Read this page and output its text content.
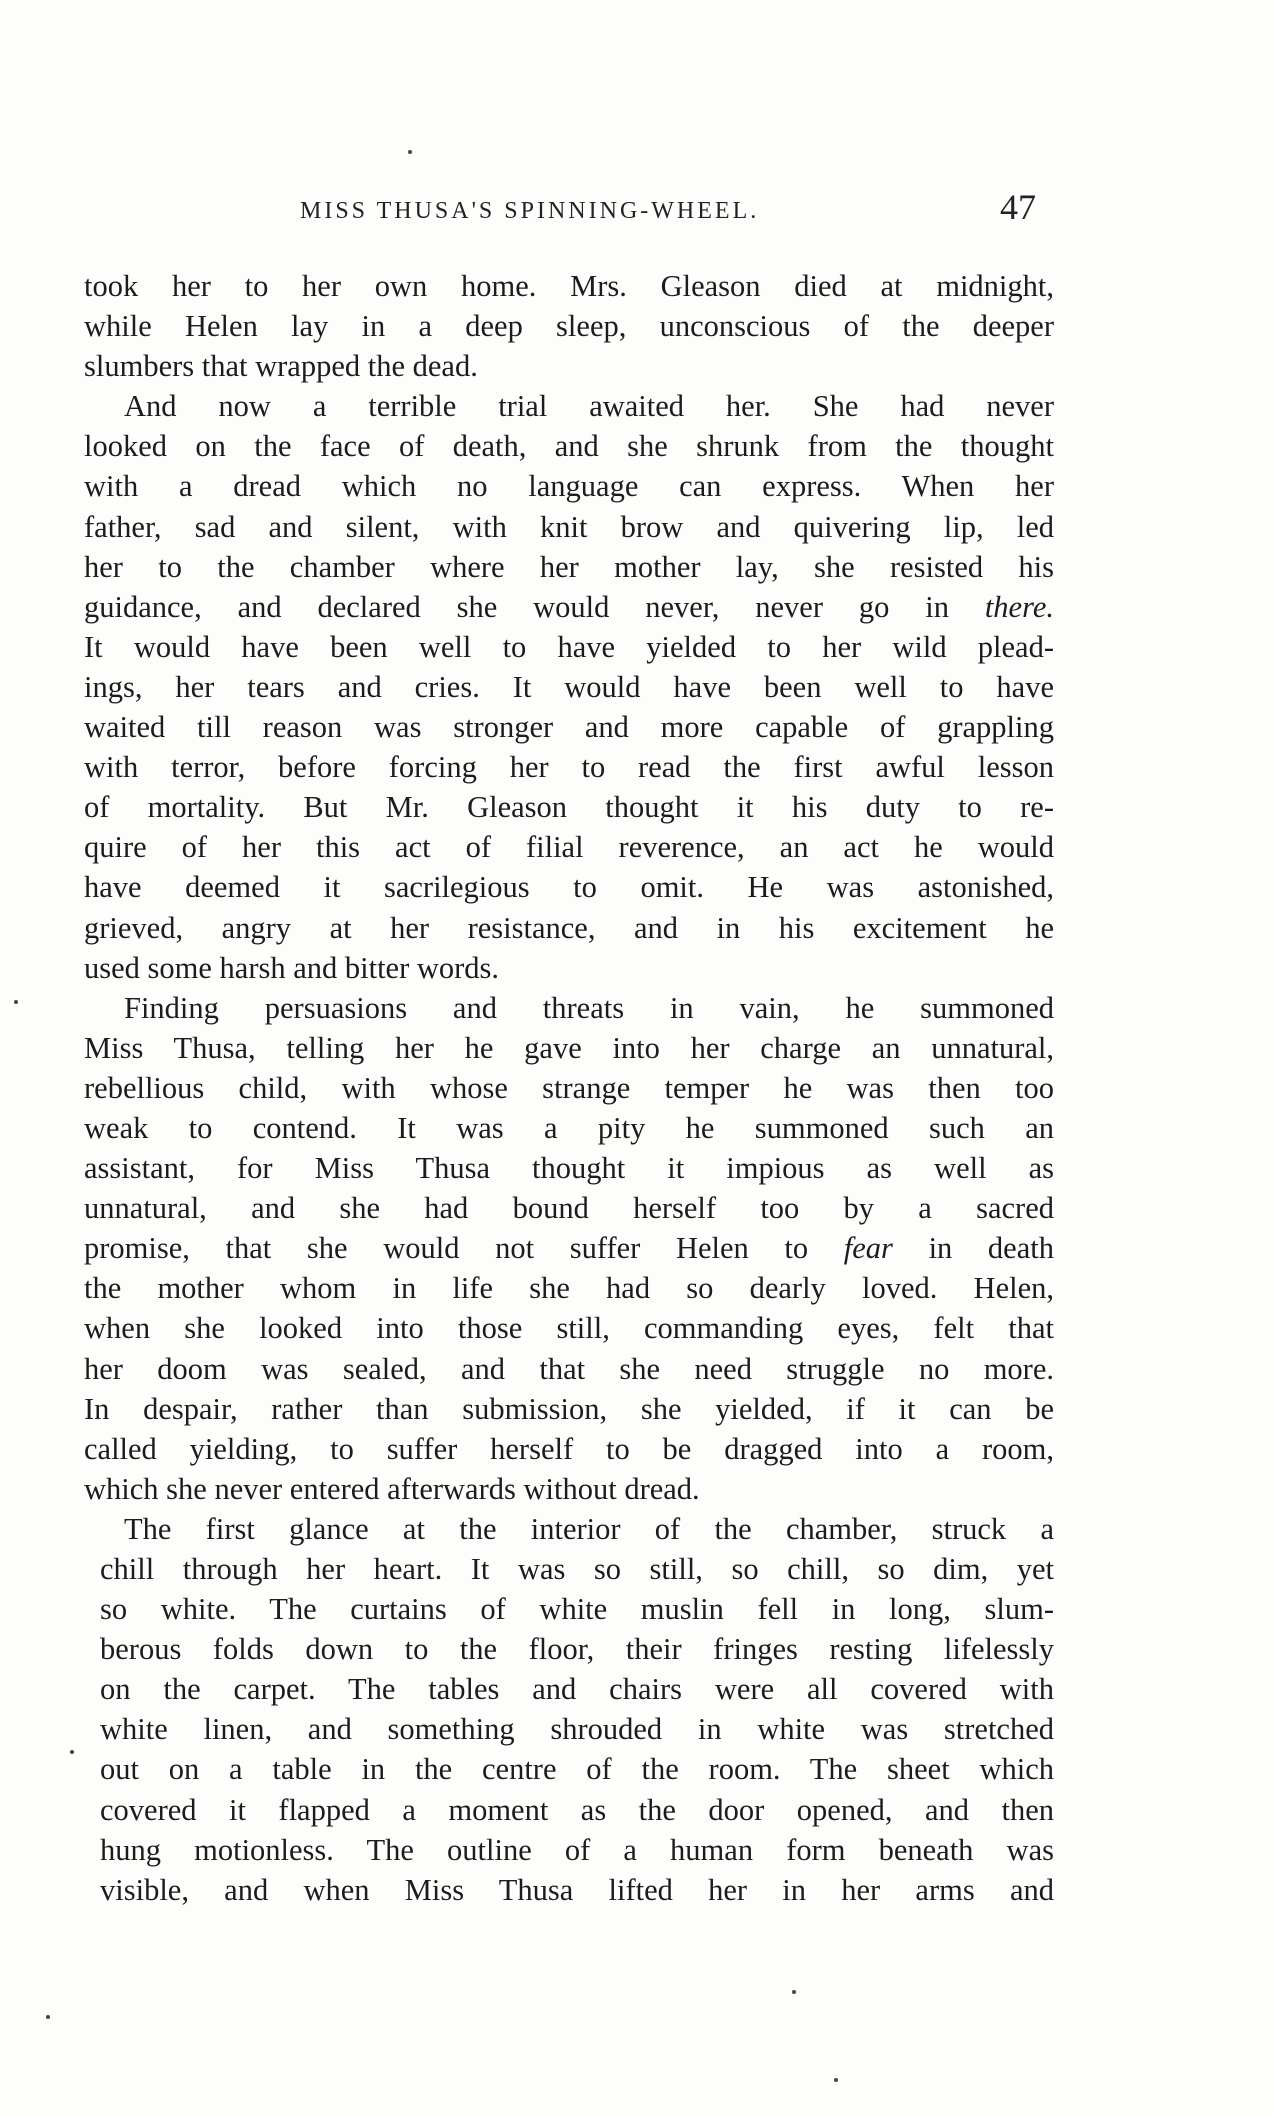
MISS THUSA'S SPINNING-WHEEL.	47
took her to her own home. Mrs. Gleason died at midnight,
while Helen lay in a deep sleep, unconscious of the deeper
slumbers that wrapped the dead.
And now a terrible trial awaited her. She had never
looked on the face of death, and she shrunk from the thought
with a dread which no language can express. When her
father, sad and silent, with knit brow and quivering lip, led
her to the chamber where her mother lay, she resisted his
guidance, and declared she would never, never go in there.
It would have been well to have yielded to her wild plead-
ings, her tears and cries. It would have been well to have
waited till reason was stronger and more capable of grappling
with terror, before forcing her to read the first awful lesson
of mortality. But Mr. Gleason thought it his duty to re-
quire of her this act of filial reverence, an act he would
have deemed it sacrilegious to omit. He was astonished,
grieved, angry at her resistance, and in his excitement he
used some harsh and bitter words.
Finding persuasions and threats in vain, he summoned
Miss Thusa, telling her he gave into her charge an unnatural,
rebellious child, with whose strange temper he was then too
weak to contend. It was a pity he summoned such an
assistant, for Miss Thusa thought it impious as well as
unnatural, and she had bound herself too by a sacred
promise, that she would not suffer Helen to fear in death
the mother whom in life she had so dearly loved. Helen,
when she looked into those still, commanding eyes, felt that
her doom was sealed, and that she need struggle no more.
In despair, rather than submission, she yielded, if it can be
called yielding, to suffer herself to be dragged into a room,
which she never entered afterwards without dread.
The first glance at the interior of the chamber, struck a
chill through her heart. It was so still, so chill, so dim, yet
so white. The curtains of white muslin fell in long, slum-
berous folds down to the floor, their fringes resting lifelessly
on the carpet. The tables and chairs were all covered with
white linen, and something shrouded in white was stretched
out on a table in the centre of the room. The sheet which
covered it flapped a moment as the door opened, and then
hung motionless. The outline of a human form beneath was
visible, and when Miss Thusa lifted her in her arms and
